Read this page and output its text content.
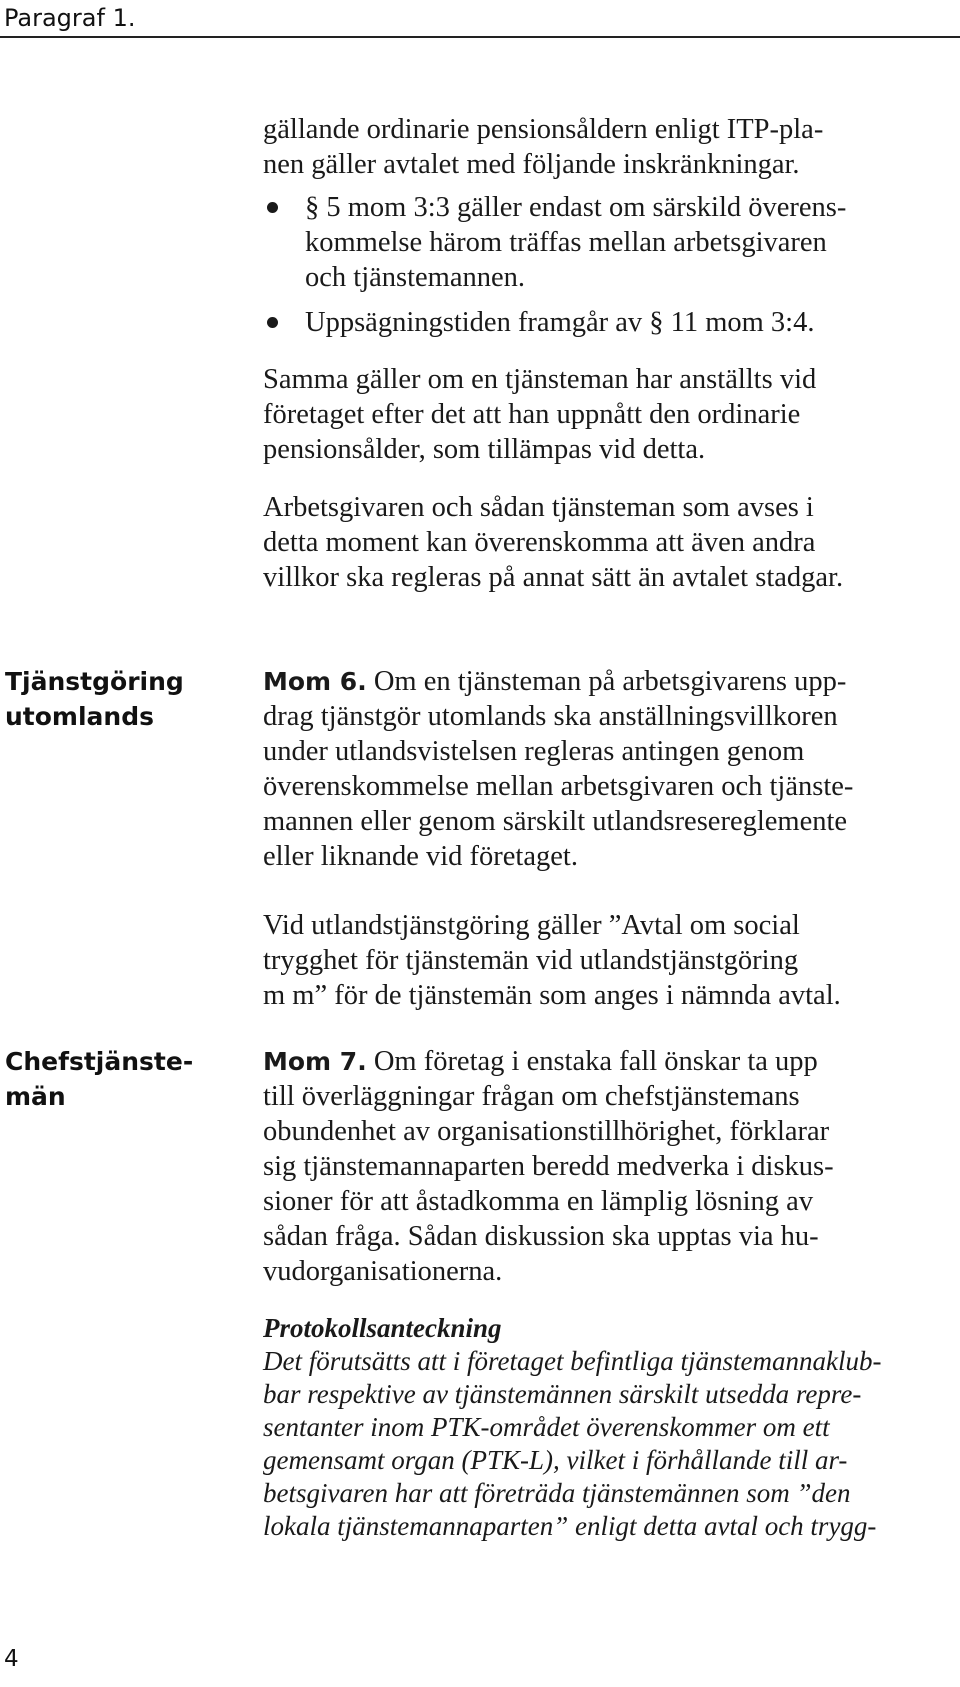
Paragraf 1.
gällande ordinarie pensionsåldern enligt ITP-pla-
nen gäller avtalet med följande inskränkningar.
§ 5 mom 3:3 gäller endast om särskild överens-
kommelse härom träffas mellan arbetsgivaren
och tjänstemannen.
Uppsägningstiden framgår av § 11 mom 3:4.
Samma gäller om en tjänsteman har anställts vid
företaget efter det att han uppnått den ordinarie
pensionsålder, som tillämpas vid detta.
Arbetsgivaren och sådan tjänsteman som avses i
detta moment kan överenskomma att även andra
villkor ska regleras på annat sätt än avtalet stadgar.
Tjänstgöring
utomlands
Mom 6. Om en tjänsteman på arbetsgivarens upp-
drag tjänstgör utomlands ska anställningsvillkoren
under utlandsvistelsen regleras antingen genom
överenskommelse mellan arbetsgivaren och tjänste-
mannen eller genom särskilt utlandsresereglemente
eller liknande vid företaget.
Vid utlandstjänstgöring gäller ”Avtal om social
trygghet för tjänstemän vid utlandstjänstgöring
m m” för de tjänstemän som anges i nämnda avtal.
Chefstjänste-
män
Mom 7. Om företag i enstaka fall önskar ta upp
till överläggningar frågan om chefstjänstemans
obundenhet av organisationstillhörighet, förklarar
sig tjänstemannaparten beredd medverka i diskus-
sioner för att åstadkomma en lämplig lösning av
sådan fråga. Sådan diskussion ska upptas via hu-
vudorganisationerna.
Protokollsanteckning
Det förutsätts att i företaget befintliga tjänstemannaklub-
bar respektive av tjänstemännen särskilt utsedda repre-
sentanter inom PTK-området överenskommer om ett
gemensamt organ (PTK-L), vilket i förhållande till ar-
betsgivaren har att företräda tjänstemännen som ”den
lokala tjänstemannaparten” enligt detta avtal och trygg-
4
